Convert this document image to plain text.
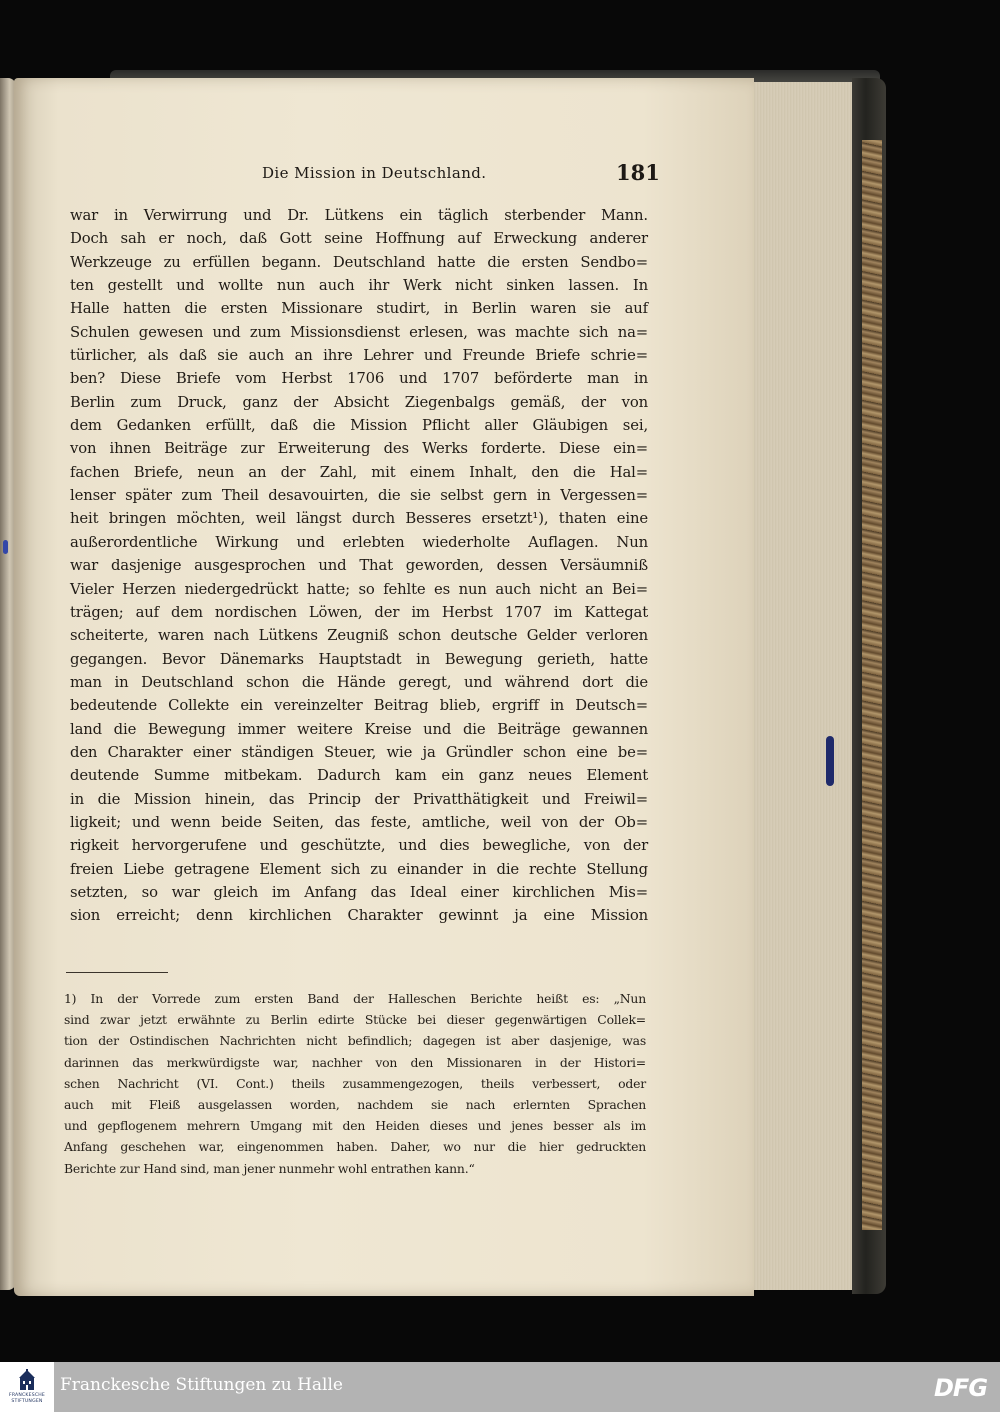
Die Mission in Deutschland.	181
war in Verwirrung und Dr. Lütkens ein täglich sterbender Mann.
Doch sah er noch, daß Gott seine Hoffnung auf Erweckung anderer
Werkzeuge zu erfüllen begann. Deutschland hatte die ersten Sendbo=
ten gestellt und wollte nun auch ihr Werk nicht sinken lassen. In
Halle hatten die ersten Missionare studirt, in Berlin waren sie auf
Schulen gewesen und zum Missionsdienst erlesen, was machte sich na=
türlicher, als daß sie auch an ihre Lehrer und Freunde Briefe schrie=
ben? Diese Briefe vom Herbst 1706 und 1707 beförderte man in
Berlin zum Druck, ganz der Absicht Ziegenbalgs gemäß, der von
dem Gedanken erfüllt, daß die Mission Pflicht aller Gläubigen sei,
von ihnen Beiträge zur Erweiterung des Werks forderte. Diese ein=
fachen Briefe, neun an der Zahl, mit einem Inhalt, den die Hal=
lenser später zum Theil desavouirten, die sie selbst gern in Vergessen=
heit bringen möchten, weil längst durch Besseres ersetzt¹), thaten eine
außerordentliche Wirkung und erlebten wiederholte Auflagen. Nun
war dasjenige ausgesprochen und That geworden, dessen Versäumniß
Vieler Herzen niedergedrückt hatte; so fehlte es nun auch nicht an Bei=
trägen; auf dem nordischen Löwen, der im Herbst 1707 im Kattegat
scheiterte, waren nach Lütkens Zeugniß schon deutsche Gelder verloren
gegangen. Bevor Dänemarks Hauptstadt in Bewegung gerieth, hatte
man in Deutschland schon die Hände geregt, und während dort die
bedeutende Collekte ein vereinzelter Beitrag blieb, ergriff in Deutsch=
land die Bewegung immer weitere Kreise und die Beiträge gewannen
den Charakter einer ständigen Steuer, wie ja Gründler schon eine be=
deutende Summe mitbekam. Dadurch kam ein ganz neues Element
in die Mission hinein, das Princip der Privatthätigkeit und Freiwil=
ligkeit; und wenn beide Seiten, das feste, amtliche, weil von der Ob=
rigkeit hervorgerufene und geschützte, und dies bewegliche, von der
freien Liebe getragene Element sich zu einander in die rechte Stellung
setzten, so war gleich im Anfang das Ideal einer kirchlichen Mis=
sion erreicht; denn kirchlichen Charakter gewinnt ja eine Mission
1) In der Vorrede zum ersten Band der Halleschen Berichte heißt es: „Nun
sind zwar jetzt erwähnte zu Berlin edirte Stücke bei dieser gegenwärtigen Collek=
tion der Ostindischen Nachrichten nicht befindlich; dagegen ist aber dasjenige, was
darinnen das merkwürdigste war, nachher von den Missionaren in der Histori=
schen Nachricht (VI. Cont.) theils zusammengezogen, theils verbessert, oder
auch mit Fleiß ausgelassen worden, nachdem sie nach erlernten Sprachen
und gepflogenem mehrern Umgang mit den Heiden dieses und jenes besser als im
Anfang geschehen war, eingenommen haben. Daher, wo nur die hier gedruckten
Berichte zur Hand sind, man jener nunmehr wohl entrathen kann.“
FRANCKESCHE
STIFTUNGEN
Franckesche Stiftungen zu Halle	DFG
